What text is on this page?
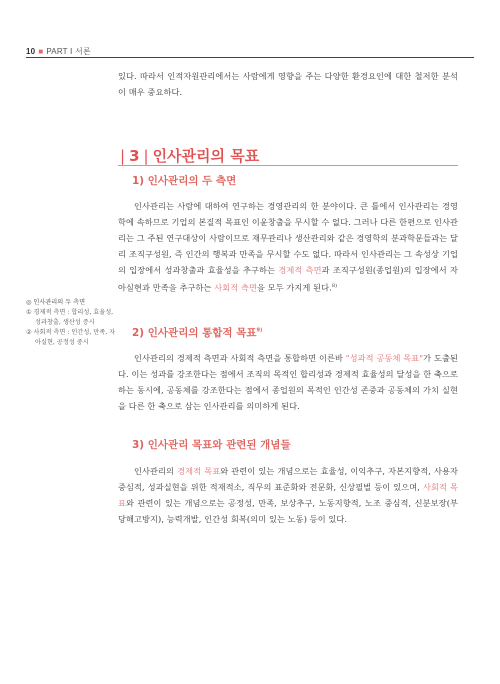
10 ■ PART Ⅰ 서론
있다. 따라서 인적자원관리에서는 사람에게 영향을 주는 다양한 환경요인에 대한 철저한 분석이 매우 중요하다.
| 3 | 인사관리의 목표
1) 인사관리의 두 측면
인사관리는 사람에 대하여 연구하는 경영관리의 한 분야이다. 큰 틀에서 인사관리는 경영학에 속하므로 기업의 본질적 목표인 이윤창출을 무시할 수 없다. 그러나 다른 한편으로 인사관리는 그 주된 연구대상이 사람이므로 재무관리나 생산관리와 같은 경영학의 분과학문들과는 달리 조직구성원, 즉 인간의 행복과 만족을 무시할 수도 없다. 따라서 인사관리는 그 속성상 기업의 입장에서 성과창출과 효율성을 추구하는 경제적 측면과 조직구성원(종업원)의 입장에서 자아실현과 만족을 추구하는 사회적 측면을 모두 가지게 된다.$^{8)}$
2) 인사관리의 통합적 목표$^{9)}$
인사관리의 경제적 측면과 사회적 측면을 통합하면 이른바 "성과적 공동체 목표"가 도출된다. 이는 성과를 강조한다는 점에서 조직의 목적인 합리성과 경제적 효율성의 달성을 한 축으로 하는 동시에, 공동체를 강조한다는 점에서 종업원의 목적인 인간성 존중과 공동체의 가치 실현을 다른 한 축으로 삼는 인사관리를 의미하게 된다.
3) 인사관리 목표와 관련된 개념들
인사관리의 경제적 목표와 관련이 있는 개념으로는 효율성, 이익추구, 자본지향적, 사용자 중심적, 성과실현을 위한 적재적소, 직무의 표준화와 전문화, 신상필벌 등이 있으며, 사회적 목표와 관련이 있는 개념으로는 공정성, 만족, 보상추구, 노동지향적, 노조 중심적, 신분보장(부당해고방지), 능력개발, 인간성 회복(의미 있는 노동) 등이 있다.
◎ 인사관리의 두 측면
① 경제적 측면 : 합리성, 효율성, 성과창출, 생산성 증시
② 사회적 측면 : 인간성, 만족, 자아실현, 공정성 중시
